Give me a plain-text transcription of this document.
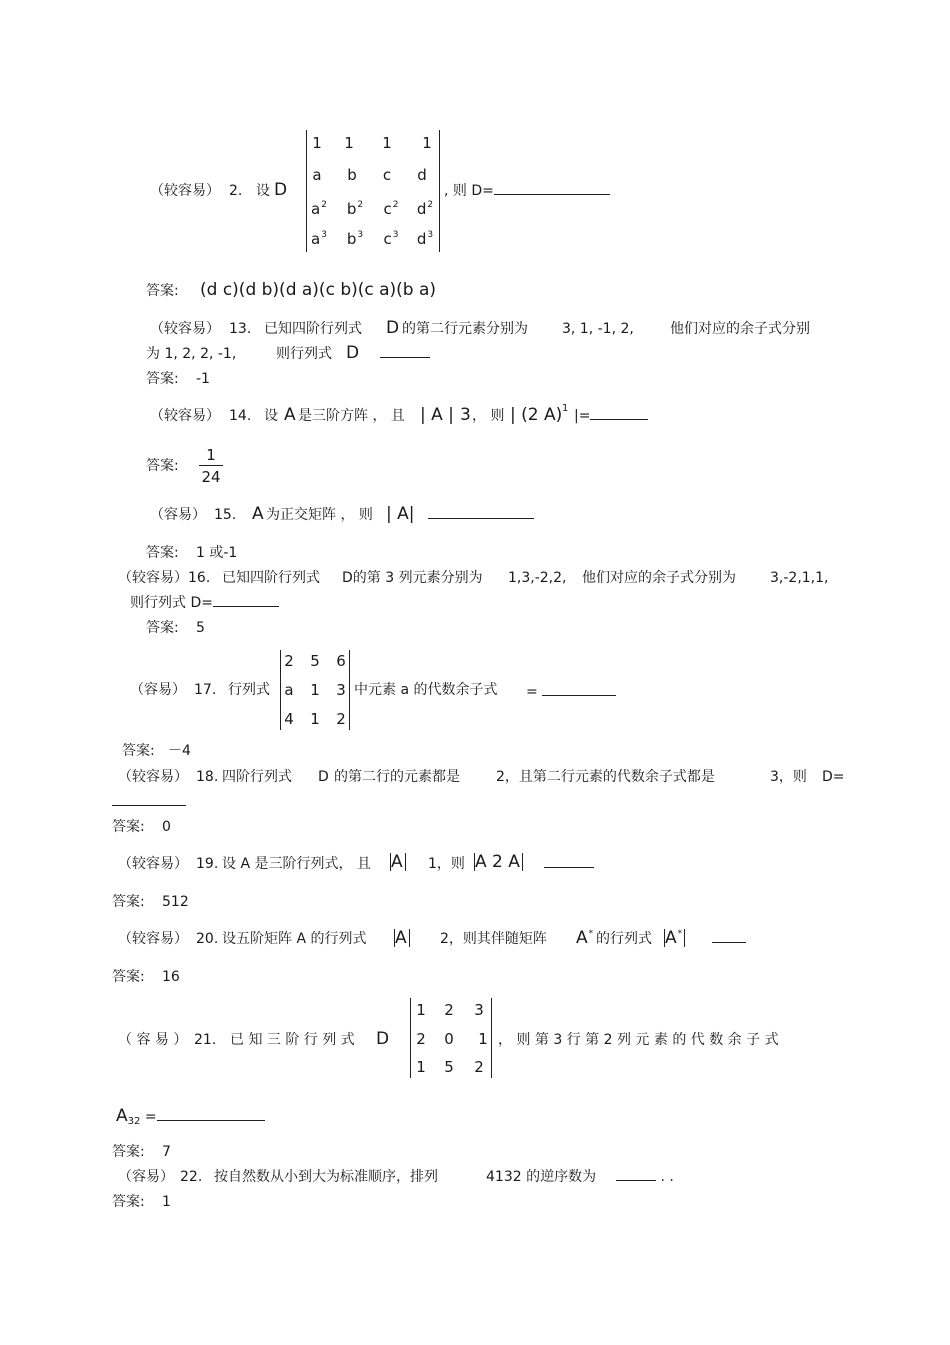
（较容易） 2. 设 D
1	1	1	1
a	b	c	d
$a^2$ $b^2$ $c^2$ $d^2$
$a^3$ $b^3$ $c^3$ $d^3$
, 则 D=
答案: (d c)(d b)(d a)(c b)(c a)(b a)
（较容易） 13. 已知四阶行列式 D 的第二行元素分别为 3, 1, -1, 2,	他们对应的余子式分别
为 1, 2, 2, -1,	则行列式 D
答案: -1
（较容易） 14. 设 A 是三阶方阵 ， 且 | A | 3 ， 则 | (2 A) 1 |=
答案:
1
24
（容易） 15. A 为正交矩阵 ， 则 | A|
答案: 1 或-1
（较容易） 16. 已知四阶行列式 D的第 3 列元素分别为 1,3,-2,2, 他们对应的余子式分别为 3,-2,1,1,
则行列式 D=
答案: 5
（容易） 17. 行列式
2	5	6
a	1	3
4	1	2
中元素 a 的代数余子式 =
答案: －4
（较容易） 18. 四阶行列式 D 的第二行的元素都是	2，且第二行元素的代数余子式都是	3，则 D=
答案: 0
（较容易） 19. 设 A 是三阶行列式， 且 A 1，则 A 2 A
答案: 512
（较容易） 20. 设五阶矩阵 A 的行列式 A 2，则其伴随矩阵 A* 的行列式 A*
答案: 16
（ 容 易 ） 21. 已 知 三 阶 行 列 式 D
1	2	3
2	0	1
1	5	2
， 则 第 3 行 第 2 列 元 素 的 代 数 余 子 式
$A_{32}$ =
答案: 7
（容易） 22. 按自然数从小到大为标准顺序，排列	4132 的逆序数为	. .
答案: 1
